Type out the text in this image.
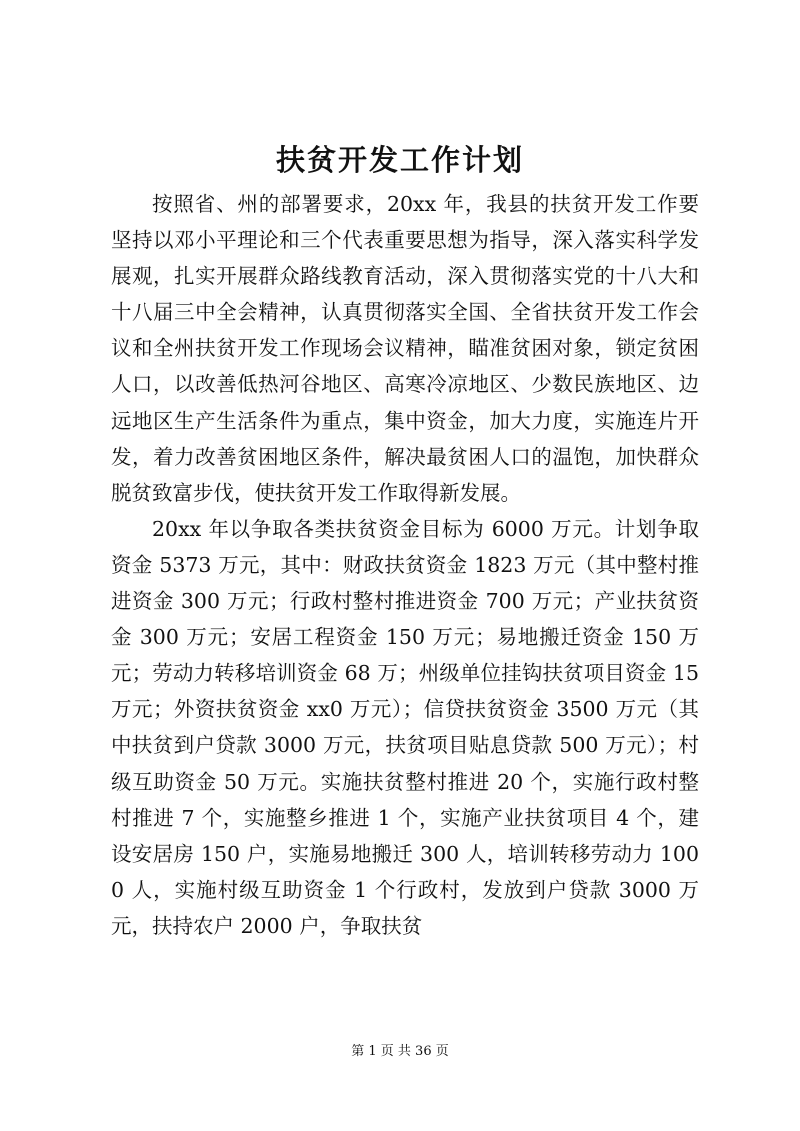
扶贫开发工作计划

按照省、州的部署要求，20xx 年，我县的扶贫开发工作要坚持以邓小平理论和三个代表重要思想为指导，深入落实科学发展观，扎实开展群众路线教育活动，深入贯彻落实党的十八大和十八届三中全会精神，认真贯彻落实全国、全省扶贫开发工作会议和全州扶贫开发工作现场会议精神，瞄准贫困对象，锁定贫困人口，以改善低热河谷地区、高寒冷凉地区、少数民族地区、边远地区生产生活条件为重点，集中资金，加大力度，实施连片开发，着力改善贫困地区条件，解决最贫困人口的温饱，加快群众脱贫致富步伐，使扶贫开发工作取得新发展。

20xx 年以争取各类扶贫资金目标为 6000 万元。计划争取资金 5373 万元，其中：财政扶贫资金 1823 万元（其中整村推进资金 300 万元；行政村整村推进资金 700 万元；产业扶贫资金 300 万元；安居工程资金 150 万元；易地搬迁资金 150 万元；劳动力转移培训资金 68 万；州级单位挂钩扶贫项目资金 15 万元；外资扶贫资金 xx0 万元）；信贷扶贫资金 3500 万元（其中扶贫到户贷款 3000 万元，扶贫项目贴息贷款 500 万元）；村级互助资金 50 万元。实施扶贫整村推进 20 个，实施行政村整村推进 7 个，实施整乡推进 1 个，实施产业扶贫项目 4 个，建设安居房 150 户，实施易地搬迁 300 人，培训转移劳动力 1000 人，实施村级互助资金 1 个行政村，发放到户贷款 3000 万元，扶持农户 2000 户，争取扶贫

第 1 页 共 36 页
